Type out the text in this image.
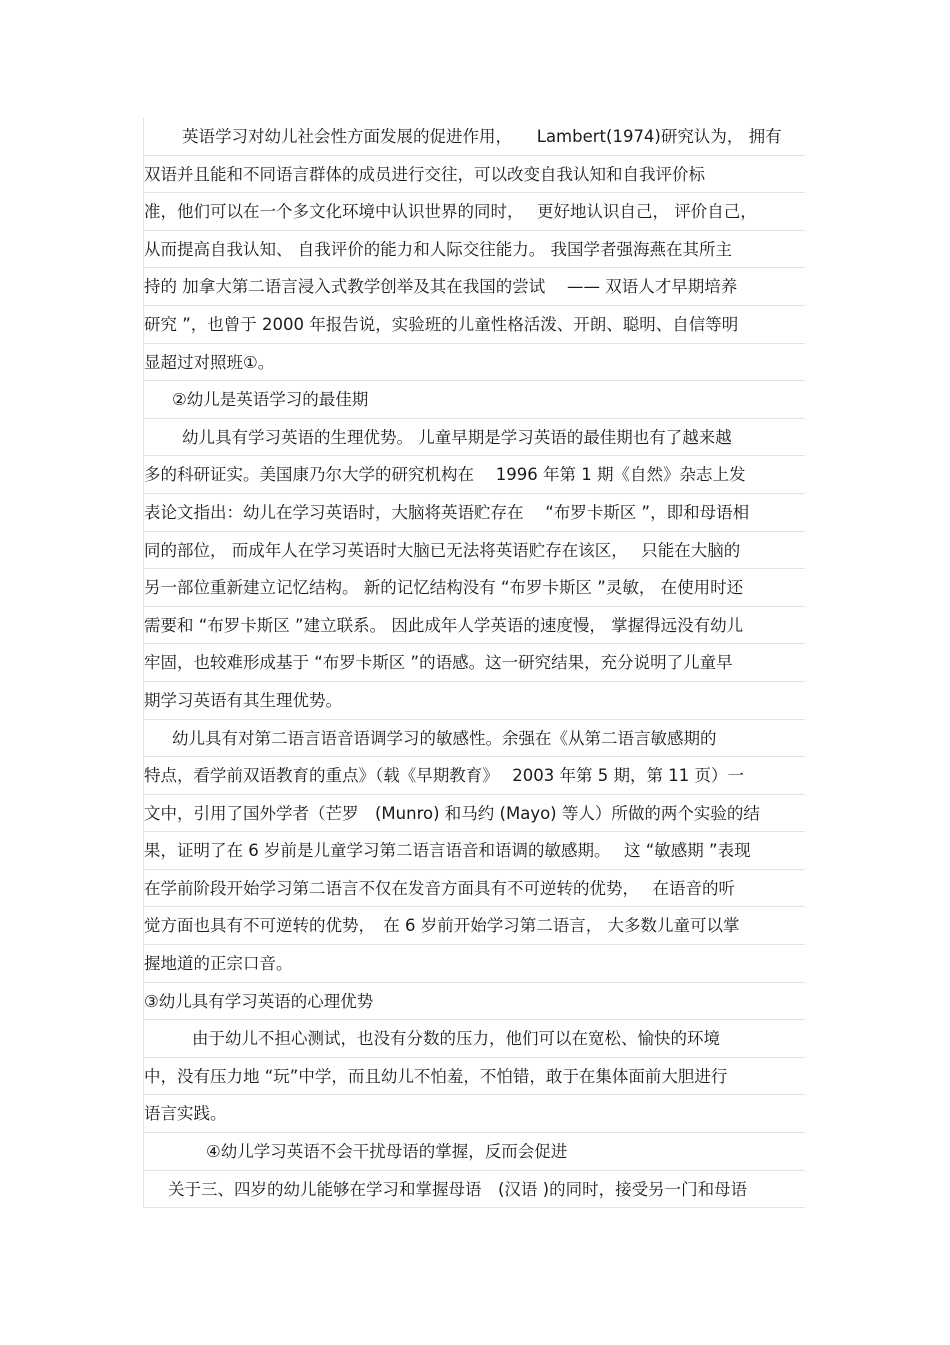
英语学习对幼儿社会性方面发展的促进作用，　　Lambert(1974)研究认为， 拥有
双语并且能和不同语言群体的成员进行交往，可以改变自我认知和自我评价标
准，他们可以在一个多文化环境中认识世界的同时，　 更好地认识自己， 评价自己，
从而提高自我认知、 自我评价的能力和人际交往能力。 我国学者强海燕在其所主
持的 加拿大第二语言浸入式教学创举及其在我国的尝试　 —— 双语人才早期培养
研究 ”，也曾于 2000 年报告说，实验班的儿童性格活泼、开朗、聪明、自信等明
显超过对照班①。
②幼儿是英语学习的最佳期
幼儿具有学习英语的生理优势。 儿童早期是学习英语的最佳期也有了越来越
多的科研证实。美国康乃尔大学的研究机构在　 1996 年第 1 期《自然》杂志上发
表论文指出：幼儿在学习英语时，大脑将英语贮存在　 “布罗卡斯区 ”，即和母语相
同的部位， 而成年人在学习英语时大脑已无法将英语贮存在该区，　 只能在大脑的
另一部位重新建立记忆结构。 新的记忆结构没有 “布罗卡斯区 ”灵敏， 在使用时还
需要和 “布罗卡斯区 ”建立联系。 因此成年人学英语的速度慢， 掌握得远没有幼儿
牢固，也较难形成基于 “布罗卡斯区 ”的语感。这一研究结果，充分说明了儿童早
期学习英语有其生理优势。
幼儿具有对第二语言语音语调学习的敏感性。余强在《从第二语言敏感期的
特点，看学前双语教育的重点》（载《早期教育》　 2003 年第 5 期，第 11 页）一
文中，引用了国外学者（芒罗　(Munro) 和马约 (Mayo) 等人）所做的两个实验的结
果，证明了在 6 岁前是儿童学习第二语言语音和语调的敏感期。　 这 “敏感期 ”表现
在学前阶段开始学习第二语言不仅在发音方面具有不可逆转的优势，　 在语音的听
觉方面也具有不可逆转的优势，　在 6 岁前开始学习第二语言， 大多数儿童可以掌
握地道的正宗口音。
③幼儿具有学习英语的心理优势
由于幼儿不担心测试，也没有分数的压力，他们可以在宽松、愉快的环境
中，没有压力地 “玩”中学，而且幼儿不怕羞，不怕错，敢于在集体面前大胆进行
语言实践。
④幼儿学习英语不会干扰母语的掌握，反而会促进
关于三、四岁的幼儿能够在学习和掌握母语　(汉语 )的同时，接受另一门和母语
